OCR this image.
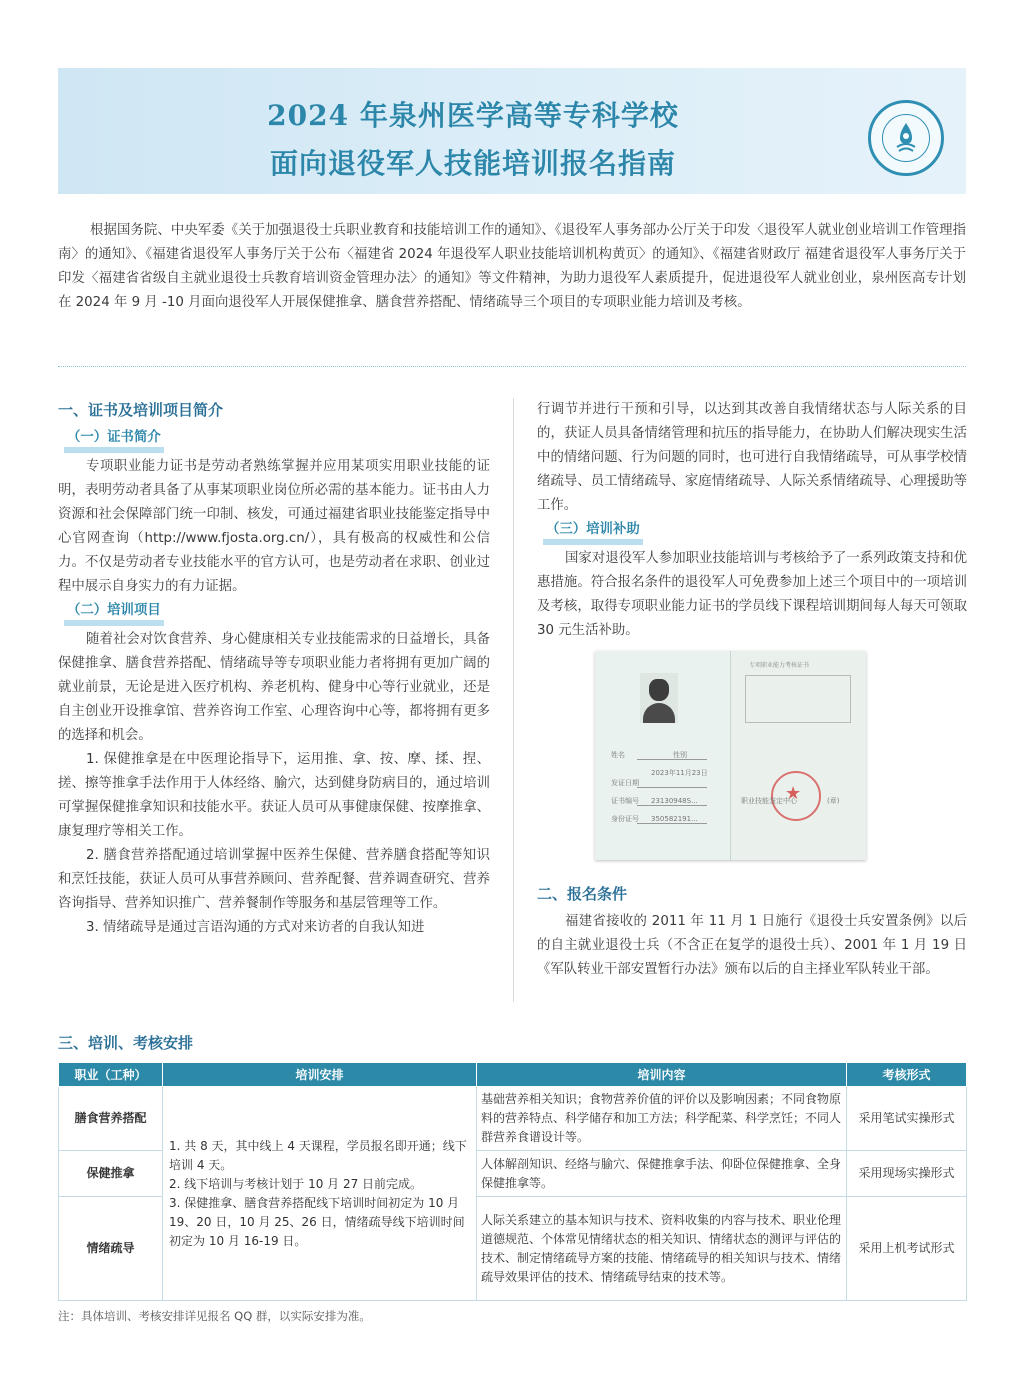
2024 年泉州医学高等专科学校
面向退役军人技能培训报名指南
根据国务院、中央军委《关于加强退役士兵职业教育和技能培训工作的通知》、《退役军人事务部办公厅关于印发〈退役军人就业创业培训工作管理指南〉的通知》、《福建省退役军人事务厅关于公布〈福建省 2024 年退役军人职业技能培训机构黄页〉的通知》、《福建省财政厅 福建省退役军人事务厅关于印发〈福建省省级自主就业退役士兵教育培训资金管理办法〉的通知》等文件精神，为助力退役军人素质提升，促进退役军人就业创业，泉州医高专计划在 2024 年 9 月 -10 月面向退役军人开展保健推拿、膳食营养搭配、情绪疏导三个项目的专项职业能力培训及考核。
一、证书及培训项目简介
（一）证书简介

专项职业能力证书是劳动者熟练掌握并应用某项实用职业技能的证明，表明劳动者具备了从事某项职业岗位所必需的基本能力。证书由人力资源和社会保障部门统一印制、核发，可通过福建省职业技能鉴定指导中心官网查询（http://www.fjosta.org.cn/），具有极高的权威性和公信力。不仅是劳动者专业技能水平的官方认可，也是劳动者在求职、创业过程中展示自身实力的有力证据。

（二）培训项目

随着社会对饮食营养、身心健康相关专业技能需求的日益增长，具备保健推拿、膳食营养搭配、情绪疏导等专项职业能力者将拥有更加广阔的就业前景，无论是进入医疗机构、养老机构、健身中心等行业就业，还是自主创业开设推拿馆、营养咨询工作室、心理咨询中心等，都将拥有更多的选择和机会。

1. 保健推拿是在中医理论指导下，运用推、拿、按、摩、揉、捏、搓、擦等推拿手法作用于人体经络、腧穴，达到健身防病目的，通过培训可掌握保健推拿知识和技能水平。获证人员可从事健康保健、按摩推拿、康复理疗等相关工作。

2. 膳食营养搭配通过培训掌握中医养生保健、营养膳食搭配等知识和烹饪技能，获证人员可从事营养顾问、营养配餐、营养调查研究、营养咨询指导、营养知识推广、营养餐制作等服务和基层管理等工作。

3. 情绪疏导是通过言语沟通的方式对来访者的自我认知进

行调节并进行干预和引导，以达到其改善自我情绪状态与人际关系的目的，获证人员具备情绪管理和抗压的指导能力，在协助人们解决现实生活中的情绪问题、行为问题的同时，也可进行自我情绪疏导，可从事学校情绪疏导、员工情绪疏导、家庭情绪疏导、人际关系情绪疏导、心理援助等工作。

（三）培训补助

国家对退役军人参加职业技能培训与考核给予了一系列政策支持和优惠措施。符合报名条件的退役军人可免费参加上述三个项目中的一项培训及考核，取得专项职业能力证书的学员线下课程培训期间每人每天可领取 30 元生活补助。

姓名	性别
2023年11月23日
发证日期
证书编号 23130948S...
身份证号 350582191...
专项职业能力考核证书
★
职业技能鉴定中心	(章)
二、报名条件

福建省接收的 2011 年 11 月 1 日施行《退役士兵安置条例》以后的自主就业退役士兵（不含正在复学的退役士兵）、2001 年 1 月 19 日《军队转业干部安置暂行办法》颁布以后的自主择业军队转业干部。

三、培训、考核安排
职业（工种）	培训安排	培训内容	考核形式
膳食营养搭配	1. 共 8 天，其中线上 4 天课程，学员报名即开通；线下培训 4 天。
2. 线下培训与考核计划于 10 月 27 日前完成。
3. 保健推拿、膳食营养搭配线下培训时间初定为 10 月 19、20 日，10 月 25、26 日，情绪疏导线下培训时间初定为 10 月 16-19 日。	基础营养相关知识；食物营养价值的评价以及影响因素；不同食物原料的营养特点、科学储存和加工方法；科学配菜、科学烹饪；不同人群营养食谱设计等。	采用笔试实操形式
保健推拿		人体解剖知识、经络与腧穴、保健推拿手法、仰卧位保健推拿、全身保健推拿等。	采用现场实操形式
情绪疏导		人际关系建立的基本知识与技术、资料收集的内容与技术、职业伦理道德规范、个体常见情绪状态的相关知识、情绪状态的测评与评估的技术、制定情绪疏导方案的技能、情绪疏导的相关知识与技术、情绪疏导效果评估的技术、情绪疏导结束的技术等。	采用上机考试形式
注：具体培训、考核安排详见报名 QQ 群，以实际安排为准。
